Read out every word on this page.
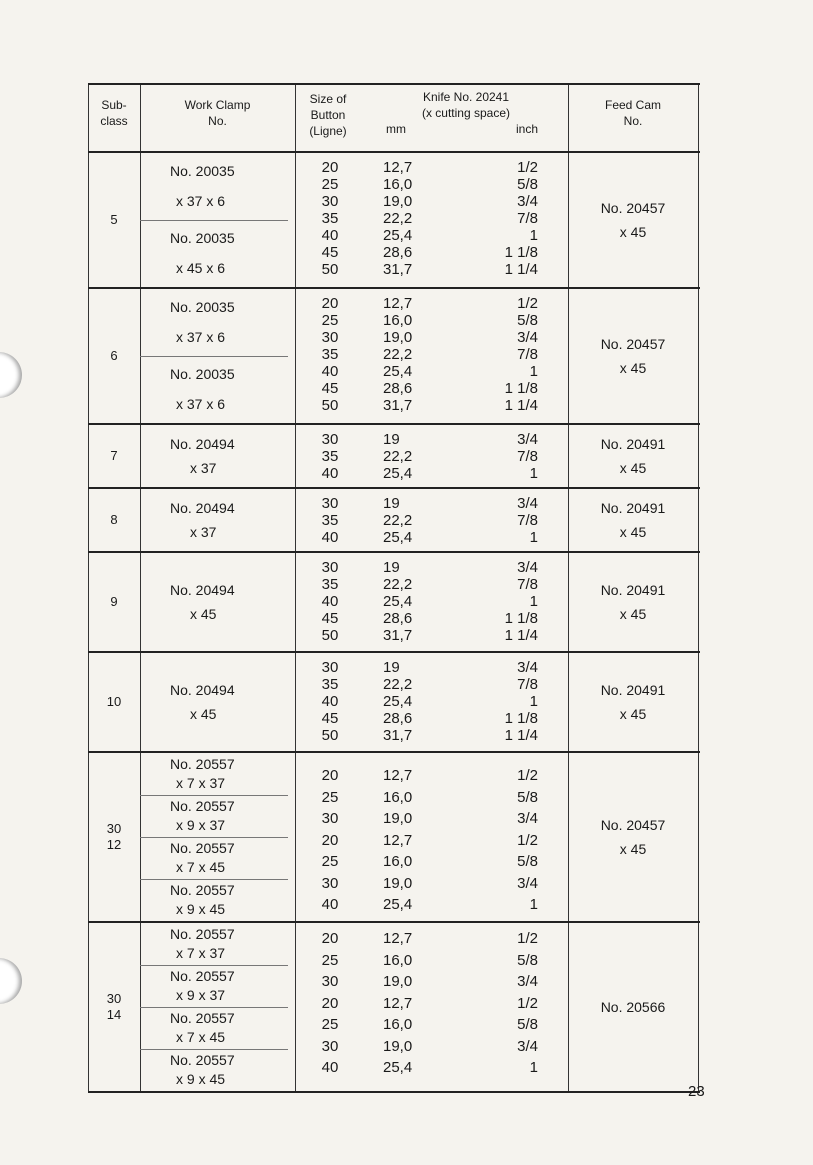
Sub-
class
Work Clamp
No.
Size of
Button
(Ligne)
Knife No. 20241
(x cutting space)
mm	inch
Feed Cam
No.
5
No. 20035
x 37 x 6
No. 20035
x 45 x 6
20
25
30
35
40
45
50
12,7
16,0
19,0
22,2
25,4
28,6
31,7
1/2
5/8
3/4
7/8
1
1 1/8
1 1/4
No. 20457
x 45
6
No. 20035
x 37 x 6
No. 20035
x 37 x 6
20
25
30
35
40
45
50
12,7
16,0
19,0
22,2
25,4
28,6
31,7
1/2
5/8
3/4
7/8
1
1 1/8
1 1/4
No. 20457
x 45
7
No. 20494
x 37
30
35
40
19
22,2
25,4
3/4
7/8
1
No. 20491
x 45
8
No. 20494
x 37
30
35
40
19
22,2
25,4
3/4
7/8
1
No. 20491
x 45
9
No. 20494
x 45
30
35
40
45
50
19
22,2
25,4
28,6
31,7
3/4
7/8
1
1 1/8
1 1/4
No. 20491
x 45
10
No. 20494
x 45
30
35
40
45
50
19
22,2
25,4
28,6
31,7
3/4
7/8
1
1 1/8
1 1/4
No. 20491
x 45
30
12
No. 20557
x 7 x 37
No. 20557
x 9 x 37
No. 20557
x 7 x 45
No. 20557
x 9 x 45
20
25
30
20
25
30
40
12,7
16,0
19,0
12,7
16,0
19,0
25,4
1/2
5/8
3/4
1/2
5/8
3/4
1
No. 20457
x 45
30
14
No. 20557
x 7 x 37
No. 20557
x 9 x 37
No. 20557
x 7 x 45
No. 20557
x 9 x 45
20
25
30
20
25
30
40
12,7
16,0
19,0
12,7
16,0
19,0
25,4
1/2
5/8
3/4
1/2
5/8
3/4
1
No. 20566
23
